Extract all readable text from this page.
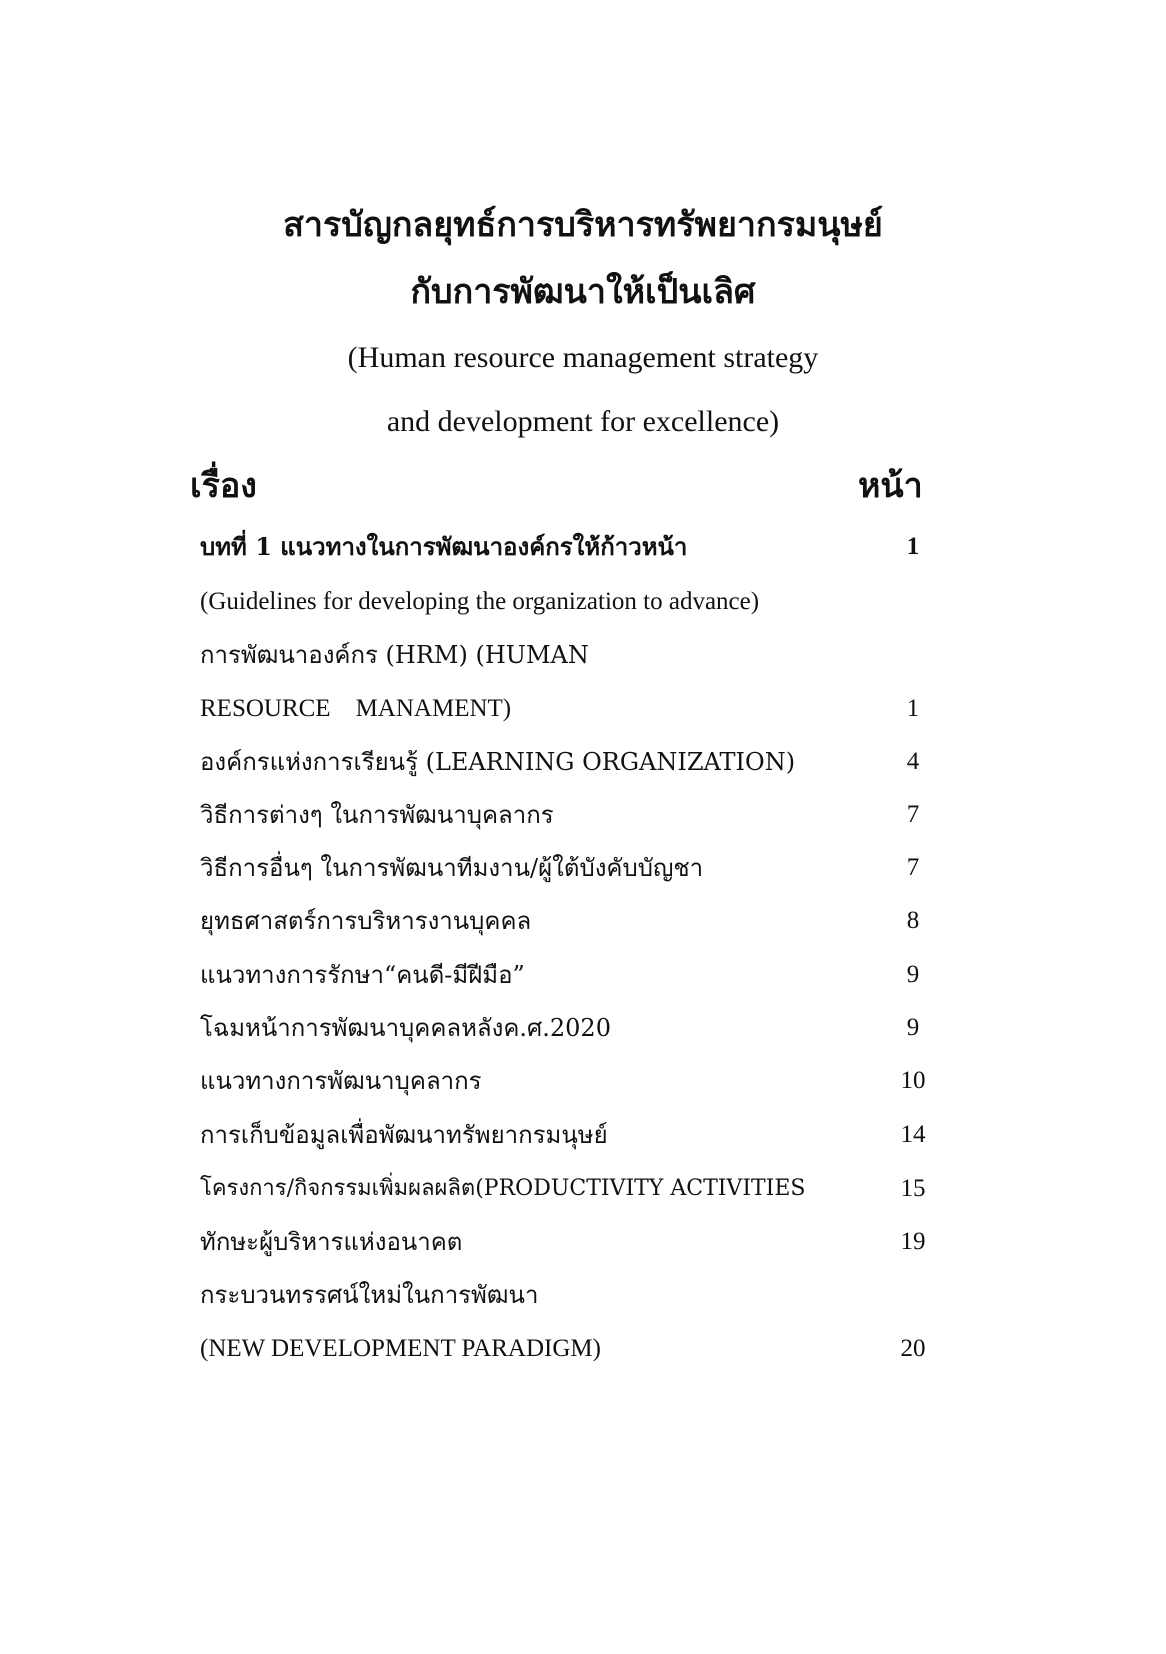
สารบัญกลยุทธ์การบริหารทรัพยากรมนุษย์
กับการพัฒนาให้เป็นเลิศ
(Human resource management strategy
and development for excellence)
เรื่อง	หน้า
บทที่ 1 แนวทางในการพัฒนาองค์กรให้ก้าวหน้า	1
(Guidelines for developing the organization to advance)
การพัฒนาองค์กร (HRM) (HUMAN
RESOURCE    MANAMENT)	1
องค์กรแห่งการเรียนรู้ (LEARNING ORGANIZATION)	4
วิธีการต่างๆ ในการพัฒนาบุคลากร	7
วิธีการอื่นๆ ในการพัฒนาทีมงาน/ผู้ใต้บังคับบัญชา	7
ยุทธศาสตร์การบริหารงานบุคคล	8
แนวทางการรักษา“คนดี-มีฝีมือ”	9
โฉมหน้าการพัฒนาบุคคลหลังค.ศ.2020	9
แนวทางการพัฒนาบุคลากร	10
การเก็บข้อมูลเพื่อพัฒนาทรัพยากรมนุษย์	14
โครงการ/กิจกรรมเพิ่มผลผลิต(PRODUCTIVITY ACTIVITIES	15
ทักษะผู้บริหารแห่งอนาคต	19
กระบวนทรรศน์ใหม่ในการพัฒนา
(NEW DEVELOPMENT PARADIGM)	20
